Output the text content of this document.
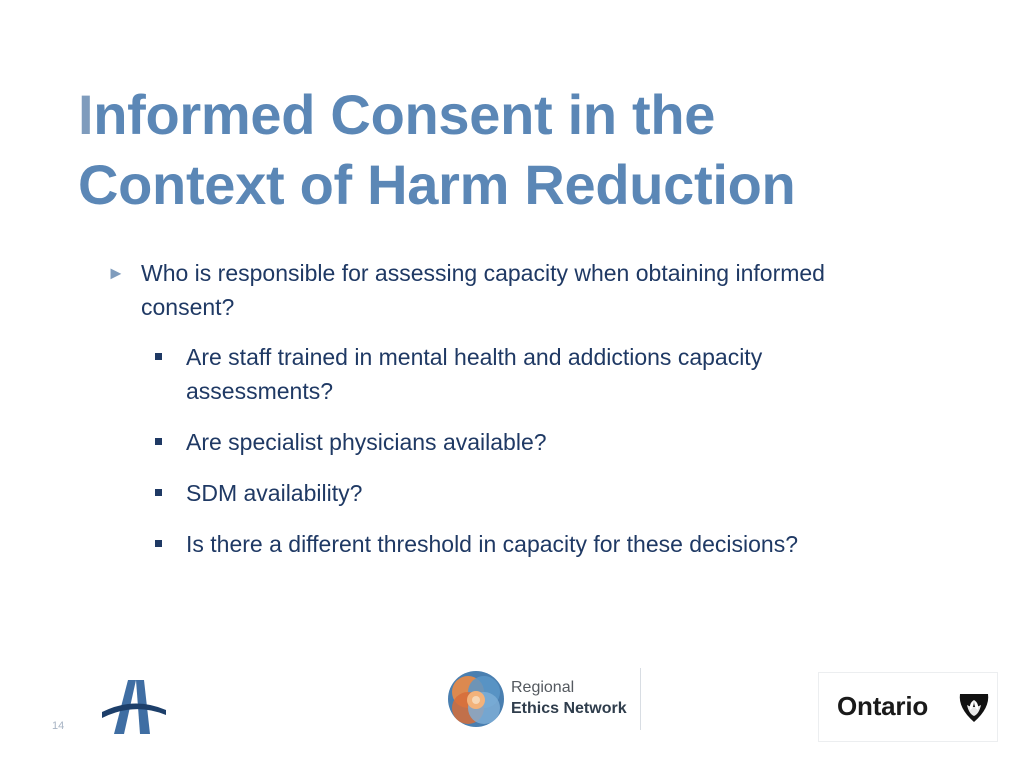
Informed Consent in the
Context of Harm Reduction
► Who is responsible for assessing capacity when obtaining informed consent?
Are staff trained in mental health and addictions capacity assessments?
Are specialist physicians available?
SDM availability?
Is there a different threshold in capacity for these decisions?
14
Regional
Ethics Network	Ontario
